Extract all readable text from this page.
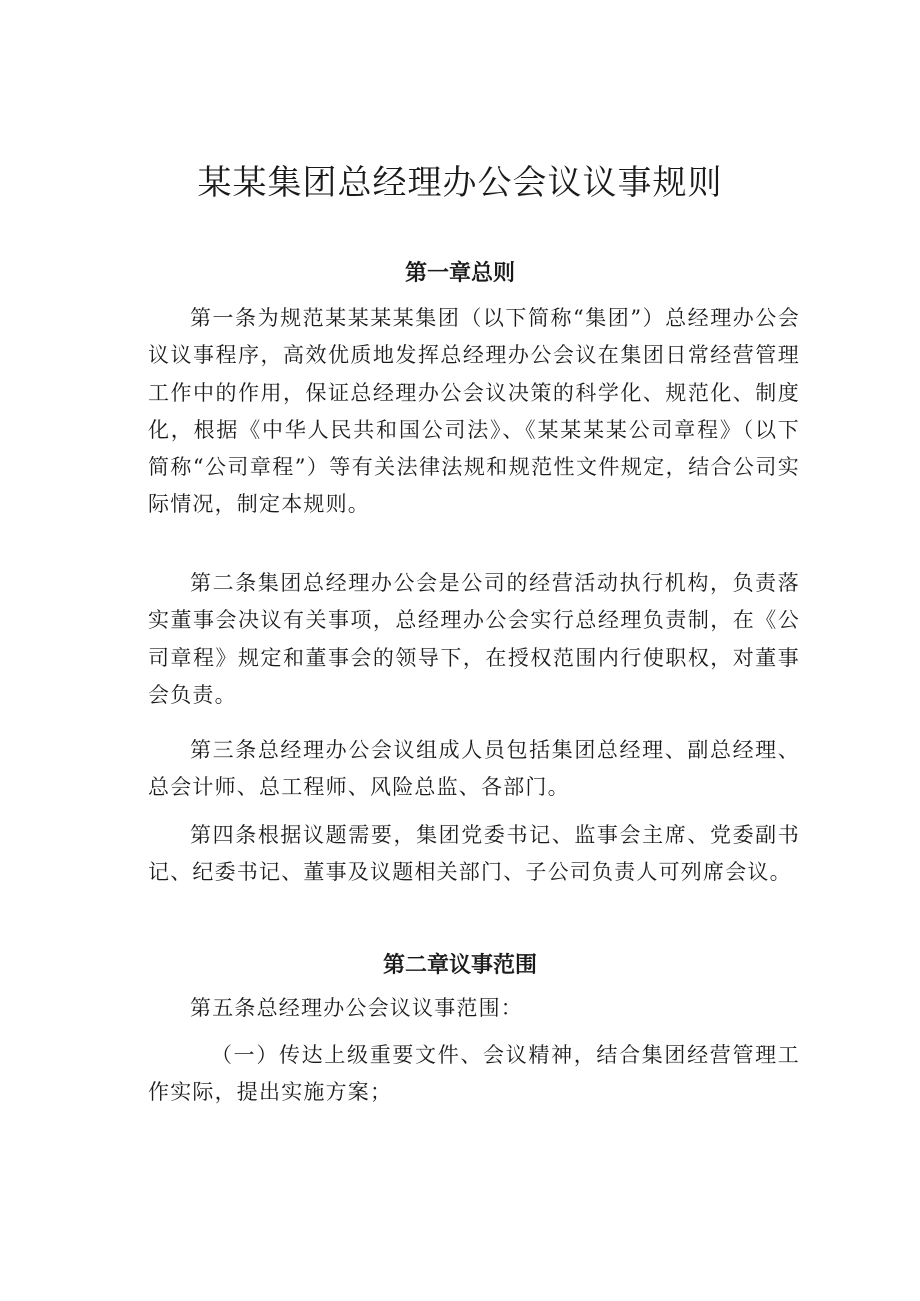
某某集团总经理办公会议议事规则
第一章总则

第一条为规范某某某某集团（以下简称“集团”）总经理办公会议议事程序，高效优质地发挥总经理办公会议在集团日常经营管理工作中的作用，保证总经理办公会议决策的科学化、规范化、制度化，根据《中华人民共和国公司法》、《某某某某公司章程》（以下简称“公司章程”）等有关法律法规和规范性文件规定，结合公司实际情况，制定本规则。

第二条集团总经理办公会是公司的经营活动执行机构，负责落实董事会决议有关事项，总经理办公会实行总经理负责制，在《公司章程》规定和董事会的领导下，在授权范围内行使职权，对董事会负责。

第三条总经理办公会议组成人员包括集团总经理、副总经理、总会计师、总工程师、风险总监、各部门。

第四条根据议题需要，集团党委书记、监事会主席、党委副书记、纪委书记、董事及议题相关部门、子公司负责人可列席会议。

第二章议事范围

第五条总经理办公会议议事范围：

（一）传达上级重要文件、会议精神，结合集团经营管理工作实际，提出实施方案；
